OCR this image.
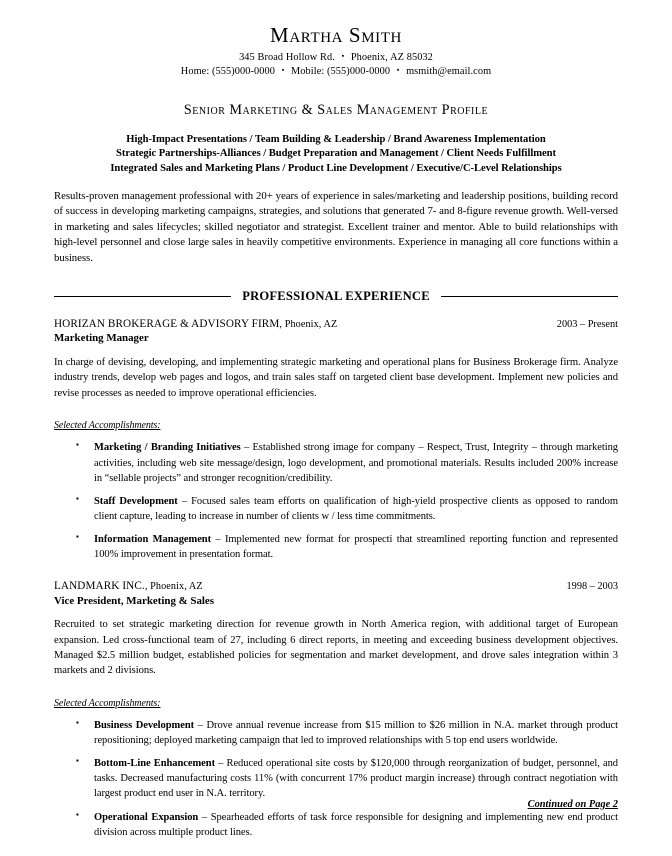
Martha Smith
345 Broad Hollow Rd. ▪ Phoenix, AZ 85032
Home: (555)000-0000 ▪ Mobile: (555)000-0000 ▪ msmith@email.com
Senior Marketing & Sales Management Profile
High-Impact Presentations / Team Building & Leadership / Brand Awareness Implementation
Strategic Partnerships-Alliances / Budget Preparation and Management / Client Needs Fulfillment
Integrated Sales and Marketing Plans / Product Line Development / Executive/C-Level Relationships

Results-proven management professional with 20+ years of experience in sales/marketing and leadership positions, building record of success in developing marketing campaigns, strategies, and solutions that generated 7- and 8-figure revenue growth. Well-versed in marketing and sales lifecycles; skilled negotiator and strategist. Excellent trainer and mentor. Able to build relationships with high-level personnel and close large sales in heavily competitive environments. Experience in managing all core functions within a business.

PROFESSIONAL EXPERIENCE
HORIZAN BROKERAGE & ADVISORY FIRM, Phoenix, AZ	2003 – Present
Marketing Manager

In charge of devising, developing, and implementing strategic marketing and operational plans for Business Brokerage firm. Analyze industry trends, develop web pages and logos, and train sales staff on targeted client base development. Implement new policies and revise processes as needed to improve operational efficiencies.

Selected Accomplishments:
▪ Marketing / Branding Initiatives – Established strong image for company – Respect, Trust, Integrity – through marketing activities, including web site message/design, logo development, and promotional materials. Results included 200% increase in “sellable projects” and stronger recognition/credibility.
▪ Staff Development – Focused sales team efforts on qualification of high-yield prospective clients as opposed to random client capture, leading to increase in number of clients w / less time commitments.
▪ Information Management – Implemented new format for prospecti that streamlined reporting function and represented 100% improvement in presentation format.
LANDMARK INC., Phoenix, AZ	1998 – 2003
Vice President, Marketing & Sales

Recruited to set strategic marketing direction for revenue growth in North America region, with additional target of European expansion. Led cross-functional team of 27, including 6 direct reports, in meeting and exceeding business development objectives. Managed $2.5 million budget, established policies for segmentation and market development, and drove sales integration within 3 markets and 2 divisions.

Selected Accomplishments:
▪ Business Development – Drove annual revenue increase from $15 million to $26 million in N.A. market through product repositioning; deployed marketing campaign that led to improved relationships with 5 top end users worldwide.
▪ Bottom-Line Enhancement – Reduced operational site costs by $120,000 through reorganization of budget, personnel, and tasks. Decreased manufacturing costs 11% (with concurrent 17% product margin increase) through contract negotiation with largest product end user in N.A. territory.
▪ Operational Expansion – Spearheaded efforts of task force responsible for designing and implementing new end product division across multiple product lines.
Continued on Page 2
